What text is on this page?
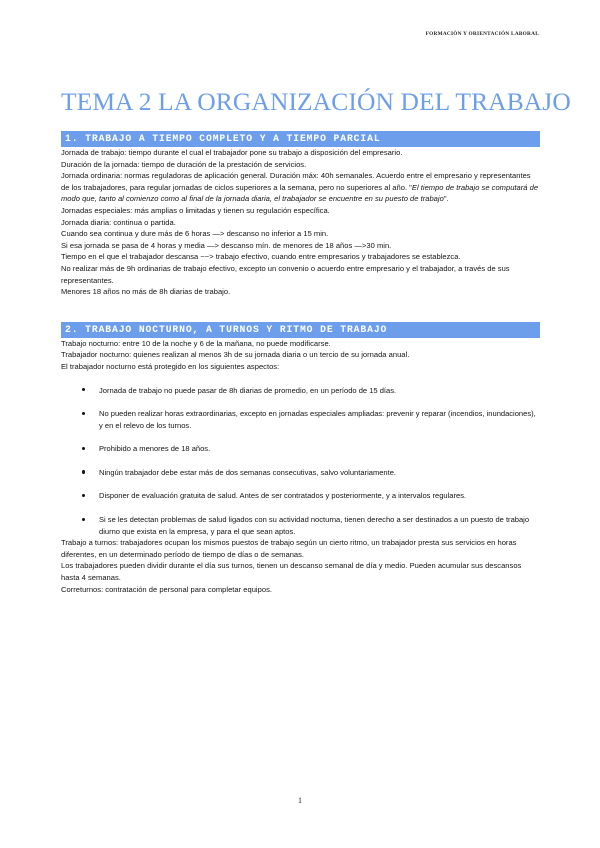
FORMACIÓN Y ORIENTACIÓN LABORAL
TEMA 2 LA ORGANIZACIÓN DEL TRABAJO
1. TRABAJO A TIEMPO COMPLETO Y A TIEMPO PARCIAL

Jornada de trabajo: tiempo durante el cual el trabajador pone su trabajo a disposición del empresario.
Duración de la jornada: tiempo de duración de la prestación de servicios.

Jornada ordinaria: normas reguladoras de aplicación general. Duración máx: 40h semanales. Acuerdo entre el empresario y representantes de los trabajadores, para regular jornadas de ciclos superiores a la semana, pero no superiores al año. "El tiempo de trabajo se computará de modo que, tanto al comienzo como al final de la jornada diaria, el trabajador se encuentre en su puesto de trabajo".

Jornadas especiales: más amplias o limitadas y tienen su regulación específica.

Jornada diaria: continua o partida.
Cuando sea continua y dure más de 6 horas —> descanso no inferior a 15 min.
Si esa jornada se pasa de 4 horas y media —> descanso mín. de menores de 18 años —>30 min.
Tiempo en el que el trabajador descansa ~~> trabajo efectivo, cuando entre empresarios y trabajadores se establezca.

No realizar más de 9h ordinarias de trabajo efectivo, excepto un convenio o acuerdo entre empresario y el trabajador, a través de sus representantes.
Menores 18 años no más de 8h diarias de trabajo.

2. TRABAJO NOCTURNO, A TURNOS Y RITMO DE TRABAJO

Trabajo nocturno: entre 10 de la noche y 6 de la mañana, no puede modificarse.
Trabajador nocturno: quienes realizan al menos 3h de su jornada diaria o un tercio de su jornada anual.

El trabajador nocturno está protegido en los siguientes aspectos:

Jornada de trabajo no puede pasar de 8h diarias de promedio, en un período de 15 días.
No pueden realizar horas extraordinarias, excepto en jornadas especiales ampliadas: prevenir y reparar (incendios, inundaciones), y en el relevo de los turnos.
Prohibido a menores de 18 años.
Ningún trabajador debe estar más de dos semanas consecutivas, salvo voluntariamente.
Disponer de evaluación gratuita de salud. Antes de ser contratados y posteriormente, y a intervalos regulares.
Si se les detectan problemas de salud ligados con su actividad nocturna, tienen derecho a ser destinados a un puesto de trabajo diurno que exista en la empresa, y para el que sean aptos.

Trabajo a turnos: trabajadores ocupan los mismos puestos de trabajo según un cierto ritmo, un trabajador presta sus servicios en horas diferentes, en un determinado período de tiempo de días o de semanas.

Los trabajadores pueden dividir durante el día sus turnos, tienen un descanso semanal de día y medio. Pueden acumular sus descansos hasta 4 semanas.

Correturnos: contratación de personal para completar equipos.

1
